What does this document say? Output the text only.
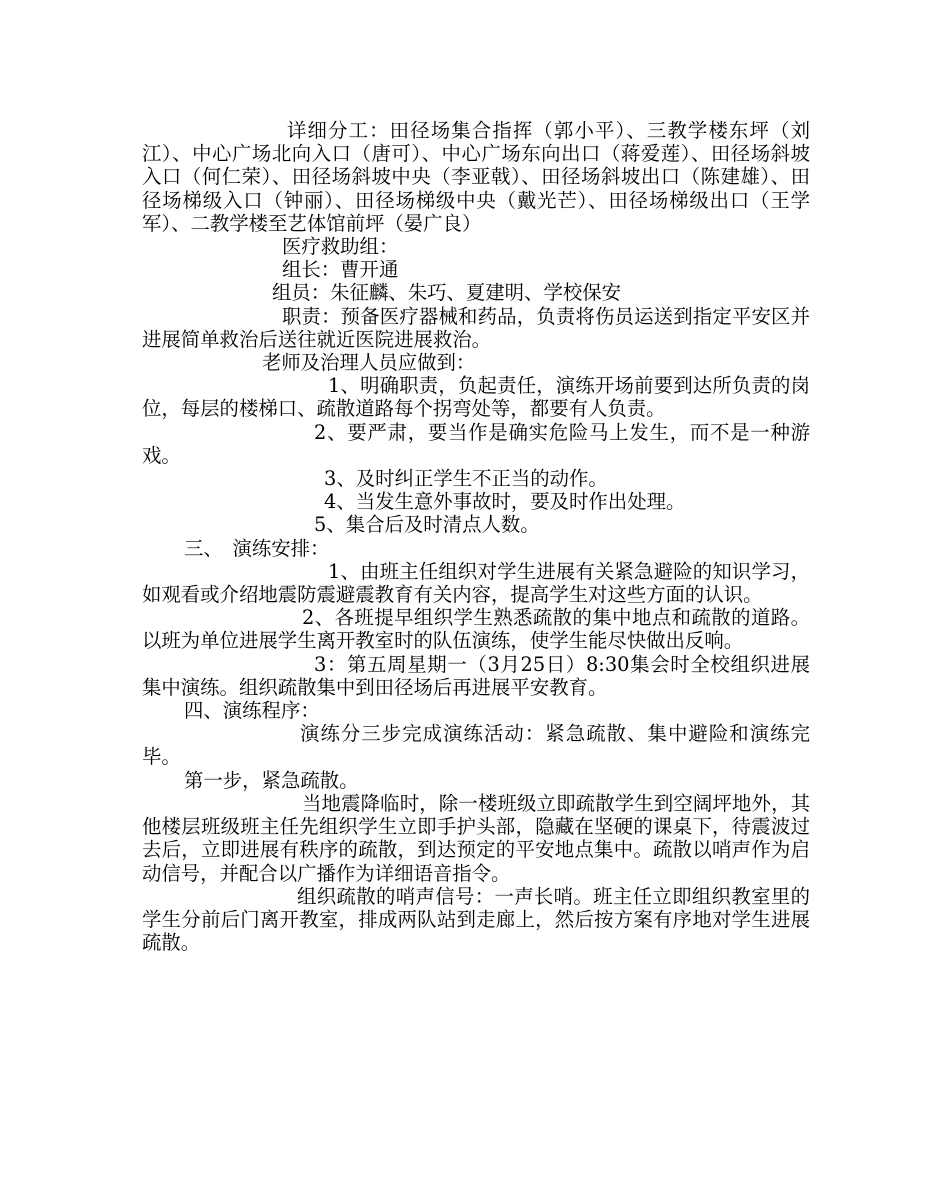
详细分工：田径场集合指挥（郭小平）、三教学楼东坪（刘江）、中心广场北向入口（唐可）、中心广场东向出口（蒋爱莲）、田径场斜坡入口（何仁荣）、田径场斜坡中央（李亚戟）、田径场斜坡出口（陈建雄）、田径场梯级入口（钟丽）、田径场梯级中央（戴光芒）、田径场梯级出口（王学军）、二教学楼至艺体馆前坪（晏广良）

医疗救助组：

组长：曹开通

组员：朱征麟、朱巧、夏建明、学校保安

职责：预备医疗器械和药品，负责将伤员运送到指定平安区并进展简单救治后送往就近医院进展救治。

老师及治理人员应做到：

1、明确职责，负起责任，演练开场前要到达所负责的岗位，每层的楼梯口、疏散道路每个拐弯处等，都要有人负责。

2、要严肃，要当作是确实危险马上发生，而不是一种游戏。

3、及时纠正学生不正当的动作。

4、当发生意外事故时，要及时作出处理。

5、集合后及时清点人数。

三、　演练安排：

1、由班主任组织对学生进展有关紧急避险的知识学习，如观看或介绍地震防震避震教育有关内容，提高学生对这些方面的认识。

2、各班提早组织学生熟悉疏散的集中地点和疏散的道路。以班为单位进展学生离开教室时的队伍演练，使学生能尽快做出反响。

3：第五周星期一（3月25日）8:30集会时全校组织进展集中演练。组织疏散集中到田径场后再进展平安教育。

四、演练程序：

演练分三步完成演练活动：紧急疏散、集中避险和演练完毕。

第一步，紧急疏散。

当地震降临时，除一楼班级立即疏散学生到空阔坪地外，其他楼层班级班主任先组织学生立即手护头部，隐藏在坚硬的课桌下，待震波过去后，立即进展有秩序的疏散，到达预定的平安地点集中。疏散以哨声作为启动信号，并配合以广播作为详细语音指令。

组织疏散的哨声信号：一声长哨。班主任立即组织教室里的学生分前后门离开教室，排成两队站到走廊上，然后按方案有序地对学生进展疏散。
